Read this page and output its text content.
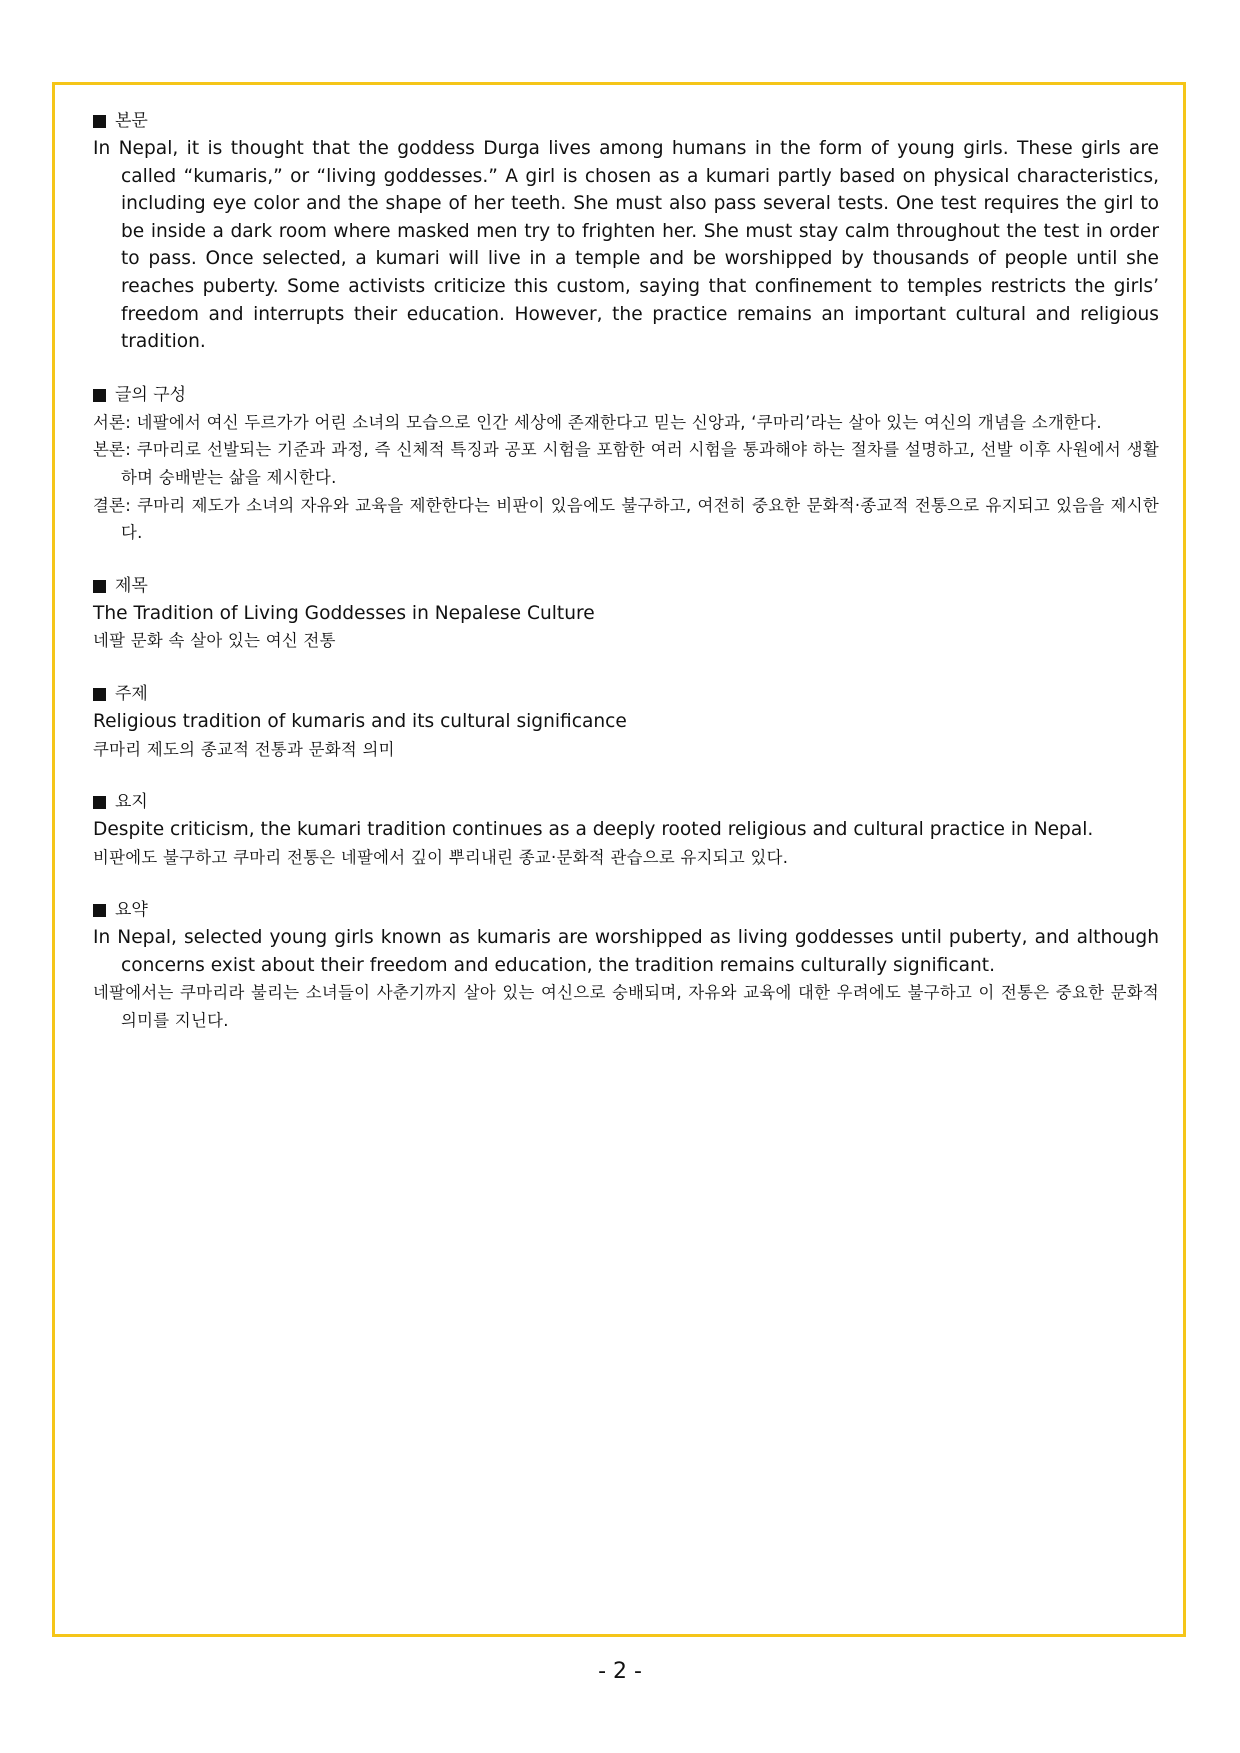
본문
In Nepal, it is thought that the goddess Durga lives among humans in the form of young girls. These girls are called “kumaris,” or “living goddesses.” A girl is chosen as a kumari partly based on physical characteristics, including eye color and the shape of her teeth. She must also pass several tests. One test requires the girl to be inside a dark room where masked men try to frighten her. She must stay calm throughout the test in order to pass. Once selected, a kumari will live in a temple and be worshipped by thousands of people until she reaches puberty. Some activists criticize this custom, saying that confinement to temples restricts the girls’ freedom and interrupts their education. However, the practice remains an important cultural and religious tradition.
글의 구성
서론: 네팔에서 여신 두르가가 어린 소녀의 모습으로 인간 세상에 존재한다고 믿는 신앙과, ‘쿠마리’라는 살아 있는 여신의 개념을 소개한다.
본론: 쿠마리로 선발되는 기준과 과정, 즉 신체적 특징과 공포 시험을 포함한 여러 시험을 통과해야 하는 절차를 설명하고, 선발 이후 사원에서 생활하며 숭배받는 삶을 제시한다.
결론: 쿠마리 제도가 소녀의 자유와 교육을 제한한다는 비판이 있음에도 불구하고, 여전히 중요한 문화적·종교적 전통으로 유지되고 있음을 제시한다.
제목
The Tradition of Living Goddesses in Nepalese Culture
네팔 문화 속 살아 있는 여신 전통
주제
Religious tradition of kumaris and its cultural significance
쿠마리 제도의 종교적 전통과 문화적 의미
요지
Despite criticism, the kumari tradition continues as a deeply rooted religious and cultural practice in Nepal.
비판에도 불구하고 쿠마리 전통은 네팔에서 깊이 뿌리내린 종교·문화적 관습으로 유지되고 있다.
요약
In Nepal, selected young girls known as kumaris are worshipped as living goddesses until puberty, and although concerns exist about their freedom and education, the tradition remains culturally significant.
네팔에서는 쿠마리라 불리는 소녀들이 사춘기까지 살아 있는 여신으로 숭배되며, 자유와 교육에 대한 우려에도 불구하고 이 전통은 중요한 문화적 의미를 지닌다.
- 2 -
